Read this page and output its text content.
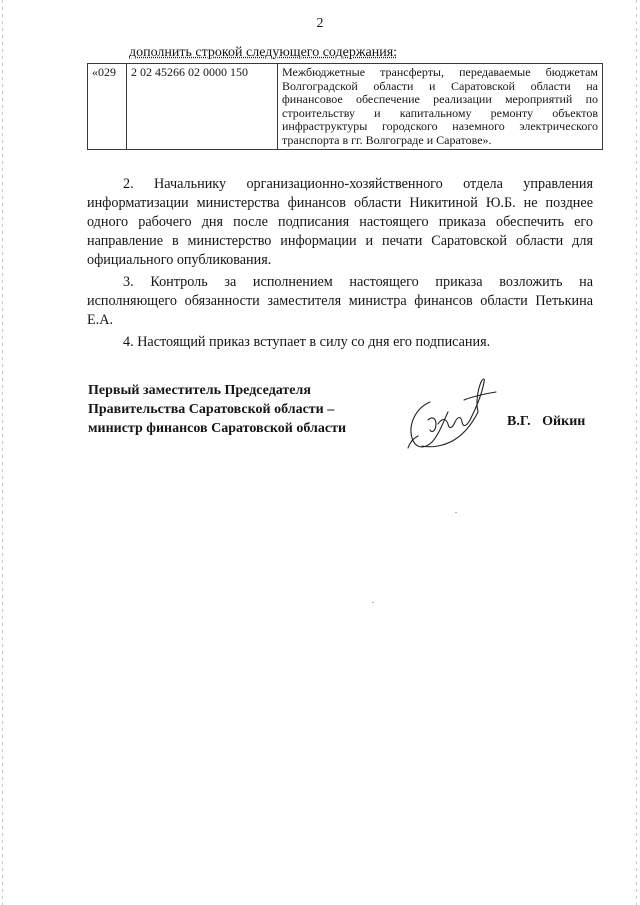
2
дополнить строкой следующего содержания:
«029	2 02 45266 02 0000 150	Межбюджетные трансферты, передаваемые бюджетам Волгоградской области и Саратовской области на финансовое обеспечение реализации мероприятий по строительству и капитальному ремонту объектов инфраструктуры городского наземного электрического транспорта в гг. Волгограде и Саратове».

2. Начальнику организационно-хозяйственного отдела управления информатизации министерства финансов области Никитиной Ю.Б. не позднее одного рабочего дня после подписания настоящего приказа обеспечить его направление в министерство информации и печати Саратовской области для официального опубликования.

3. Контроль за исполнением настоящего приказа возложить на исполняющего обязанности заместителя министра финансов области Петькина Е.А.

4. Настоящий приказ вступает в силу со дня его подписания.

Первый заместитель Председателя
Правительства Саратовской области –
министр финансов Саратовской области	В.Г. Ойкин
